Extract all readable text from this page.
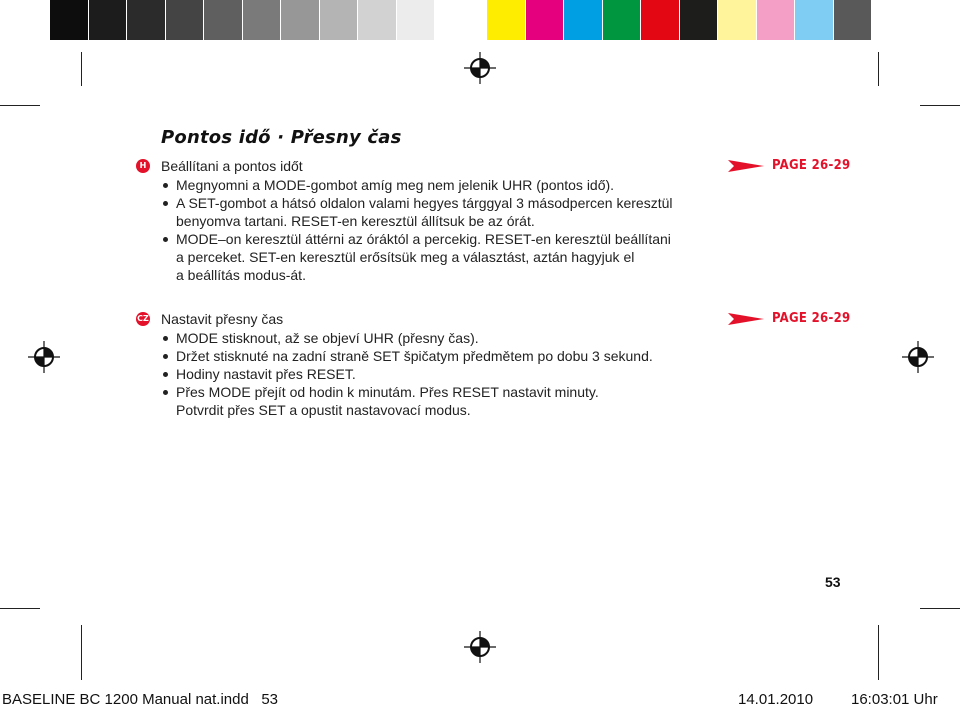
Pontos idő · Přesny čas
H Beállítani a pontos időt	PAGE 26-29
Megnyomni a MODE-gombot amíg meg nem jelenik UHR (pontos idő).
A SET-gombot a hátsó oldalon valami hegyes tárggyal 3 másodpercen keresztül
benyomva tartani. RESET-en keresztül állítsuk be az órát.
MODE–on keresztül áttérni az óráktól a percekig. RESET-en keresztül beállítani
a perceket. SET-en keresztül erősítsük meg a választást, aztán hagyjuk el
a beállítás modus-át.
CZ Nastavit přesny čas	PAGE 26-29
MODE stisknout, až se objeví UHR (přesny čas).
Držet stisknuté na zadní straně SET špičatym předmětem po dobu 3 sekund.
Hodiny nastavit přes RESET.
Přes MODE přejít od hodin k minutám. Přes RESET nastavit minuty.
Potvrdit přes SET a opustit nastavovací modus.
53
BASELINE BC 1200 Manual nat.indd   53	14.01.2010	16:03:01 Uhr
